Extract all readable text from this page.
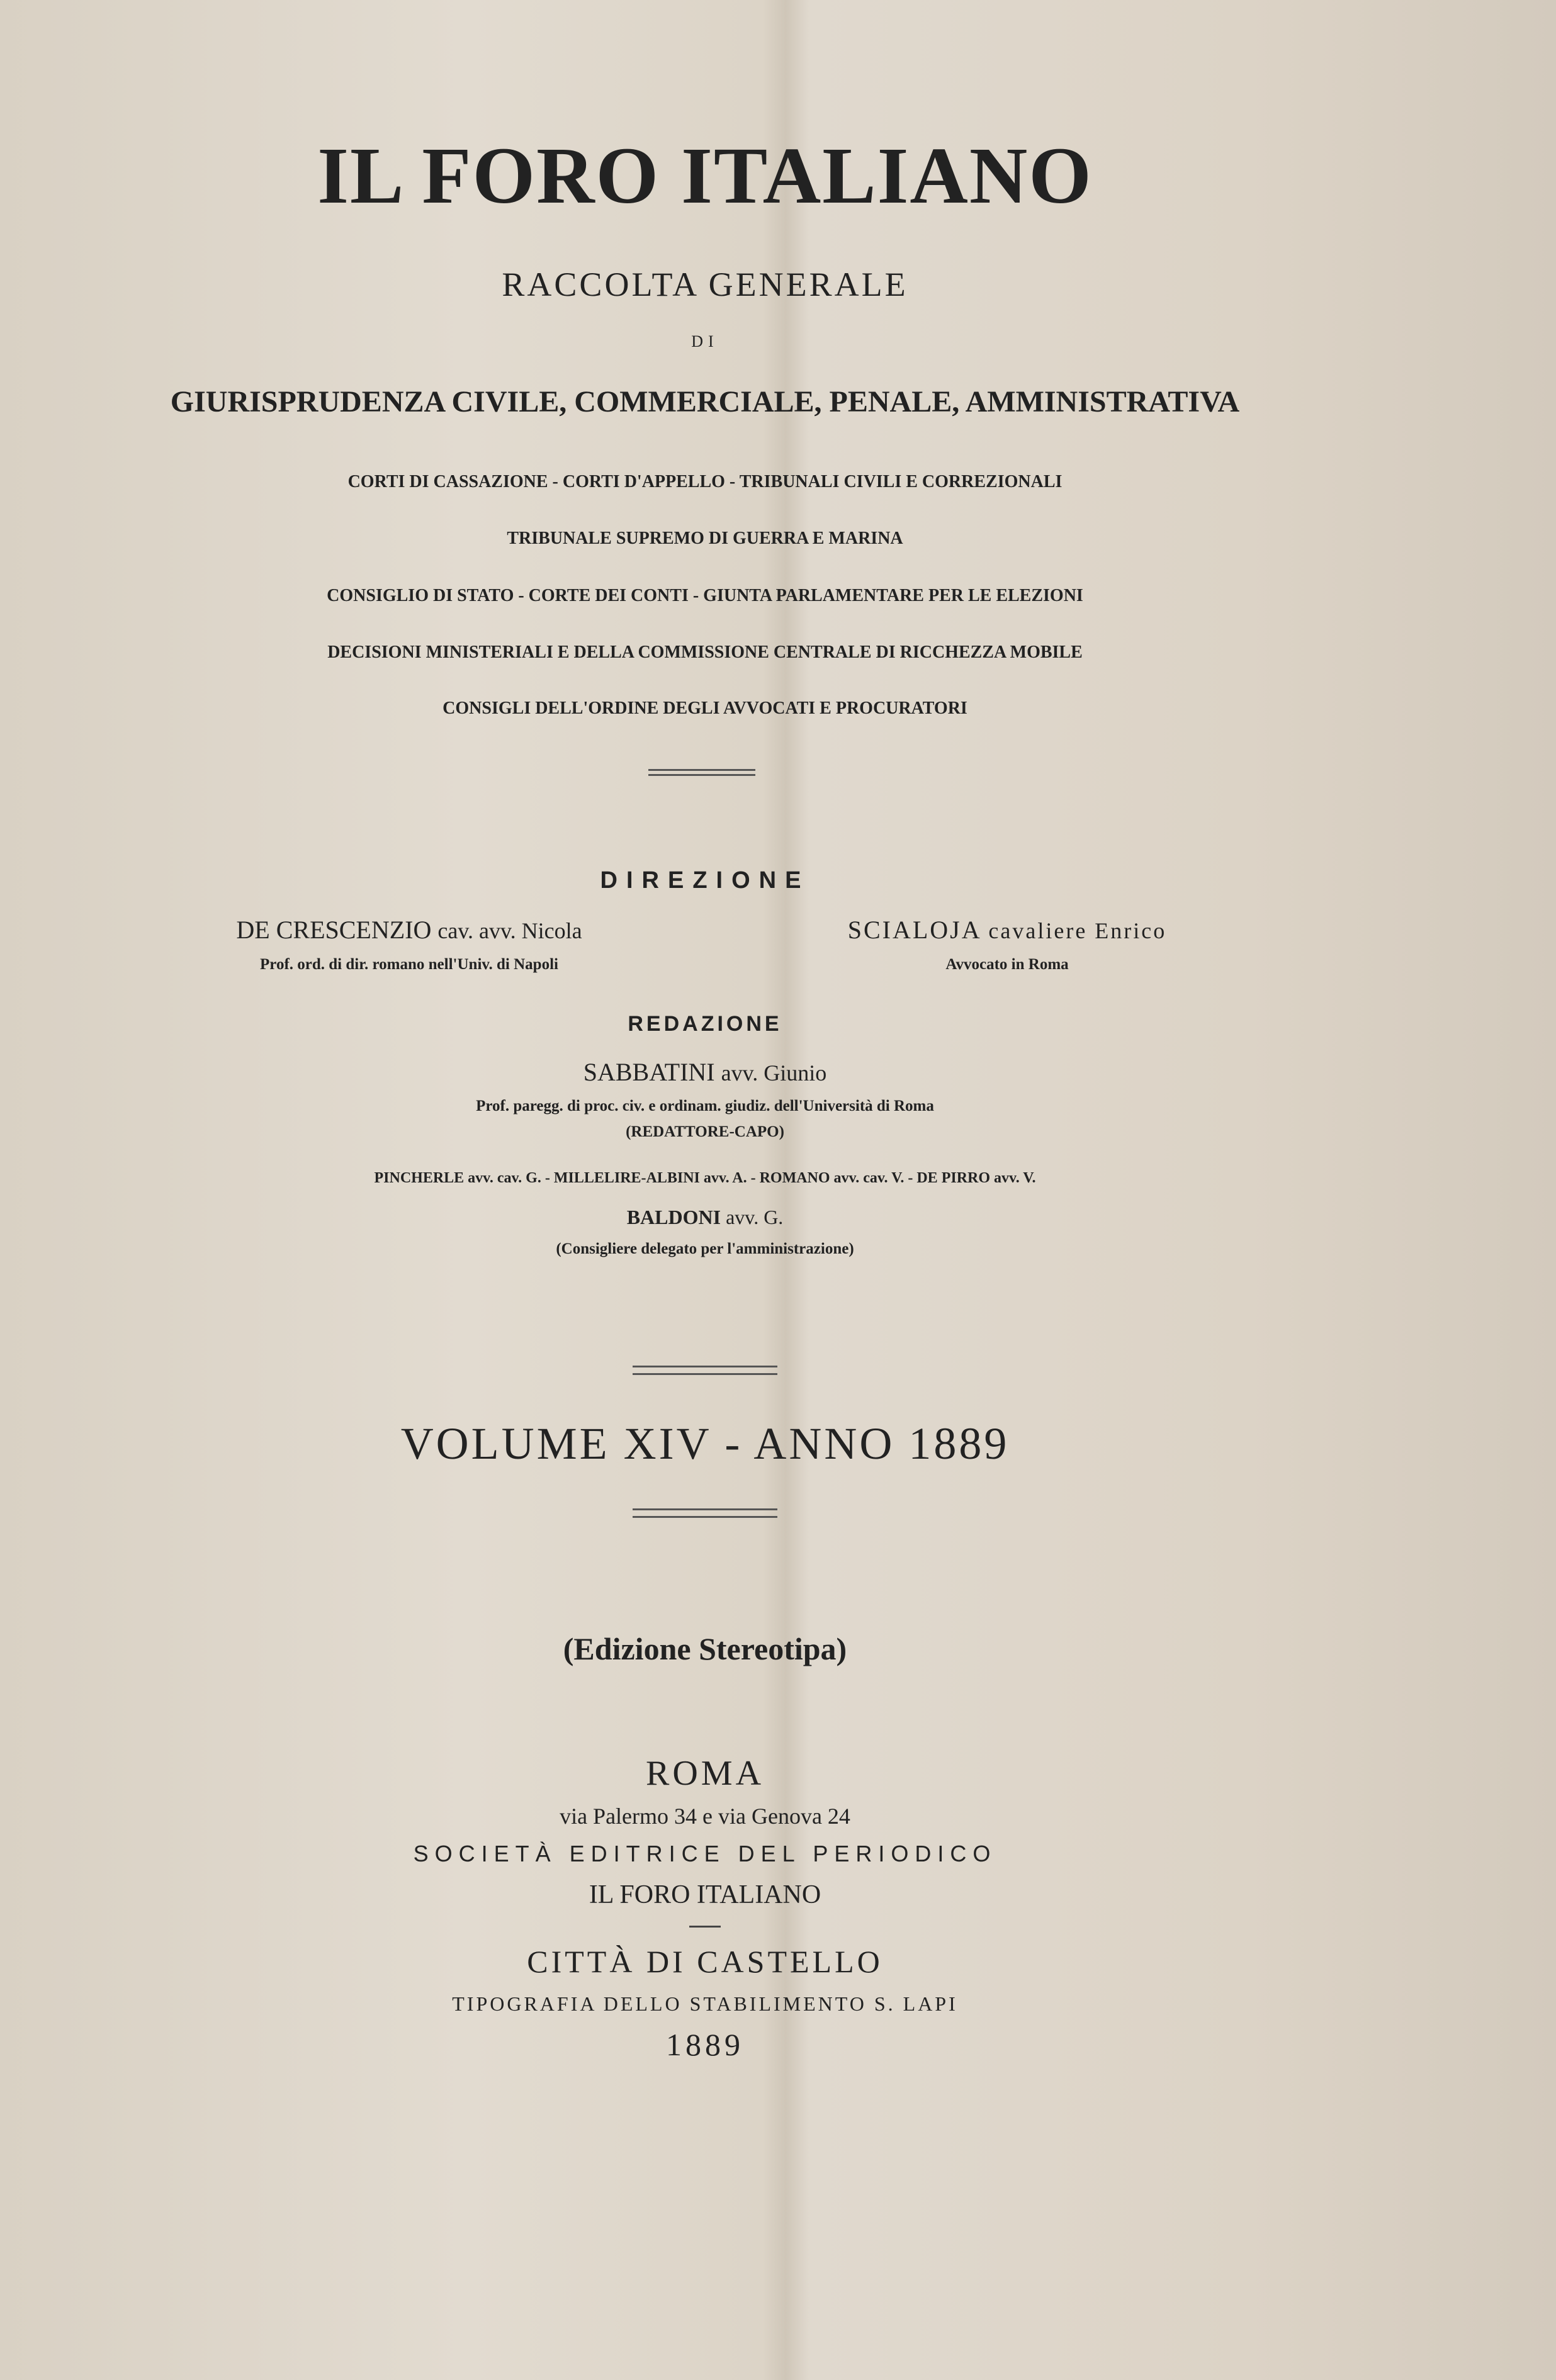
IL FORO ITALIANO
RACCOLTA GENERALE
DI
GIURISPRUDENZA CIVILE, COMMERCIALE, PENALE, AMMINISTRATIVA
CORTI DI CASSAZIONE - CORTI D'APPELLO - TRIBUNALI CIVILI E CORREZIONALI
TRIBUNALE SUPREMO DI GUERRA E MARINA
CONSIGLIO DI STATO - CORTE DEI CONTI - GIUNTA PARLAMENTARE PER LE ELEZIONI
DECISIONI MINISTERIALI E DELLA COMMISSIONE CENTRALE DI RICCHEZZA MOBILE
CONSIGLI DELL'ORDINE DEGLI AVVOCATI E PROCURATORI
DIREZIONE
DE CRESCENZIO cav. avv. Nicola
Prof. ord. di dir. romano nell'Univ. di Napoli
SCIALOJA cavaliere Enrico
Avvocato in Roma
REDAZIONE
SABBATINI avv. Giunio
Prof. paregg. di proc. civ. e ordinam. giudiz. dell'Università di Roma
(REDATTORE-CAPO)
PINCHERLE avv. cav. G. - MILLELIRE-ALBINI avv. A. - ROMANO avv. cav. V. - DE PIRRO avv. V.
BALDONI avv. G.
(Consigliere delegato per l'amministrazione)
VOLUME XIV - ANNO 1889
(Edizione Stereotipa)
ROMA
via Palermo 34 e via Genova 24
SOCIETÀ EDITRICE DEL PERIODICO
IL FORO ITALIANO
CITTÀ DI CASTELLO
TIPOGRAFIA DELLO STABILIMENTO S. LAPI
1889
